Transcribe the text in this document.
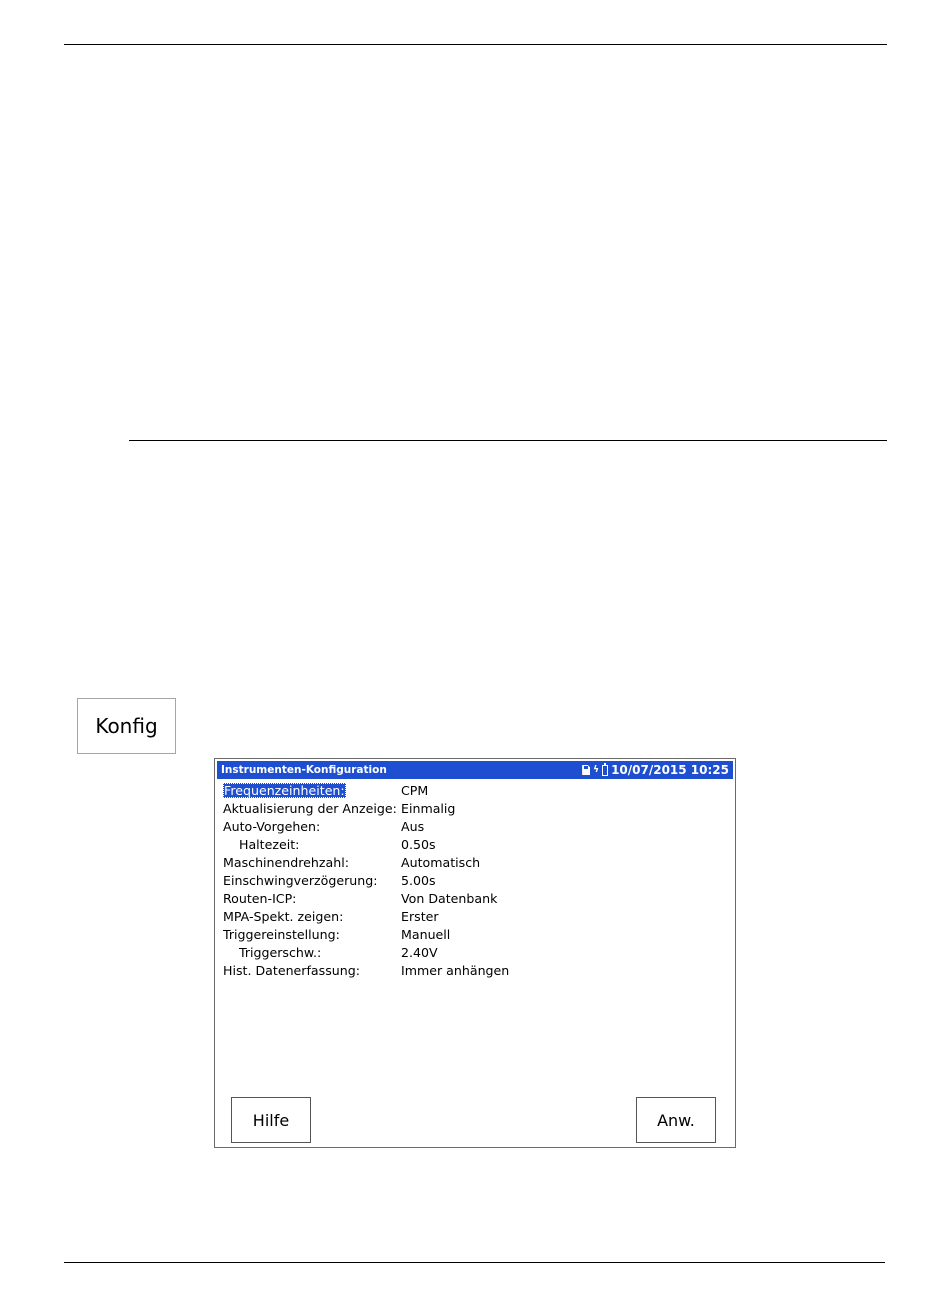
Konfig
Instrumenten-Konfiguration	ϟ 10/07/2015 10:25
Frequenzeinheiten:	CPM
Aktualisierung der Anzeige: Einmalig
Auto-Vorgehen:	Aus
Haltezeit:	0.50s
Maschinendrehzahl:	Automatisch
Einschwingverzögerung:	5.00s
Routen-ICP:	Von Datenbank
MPA-Spekt. zeigen:	Erster
Triggereinstellung:	Manuell
Triggerschw.:	2.40V
Hist. Datenerfassung:	Immer anhängen
Hilfe	Anw.
